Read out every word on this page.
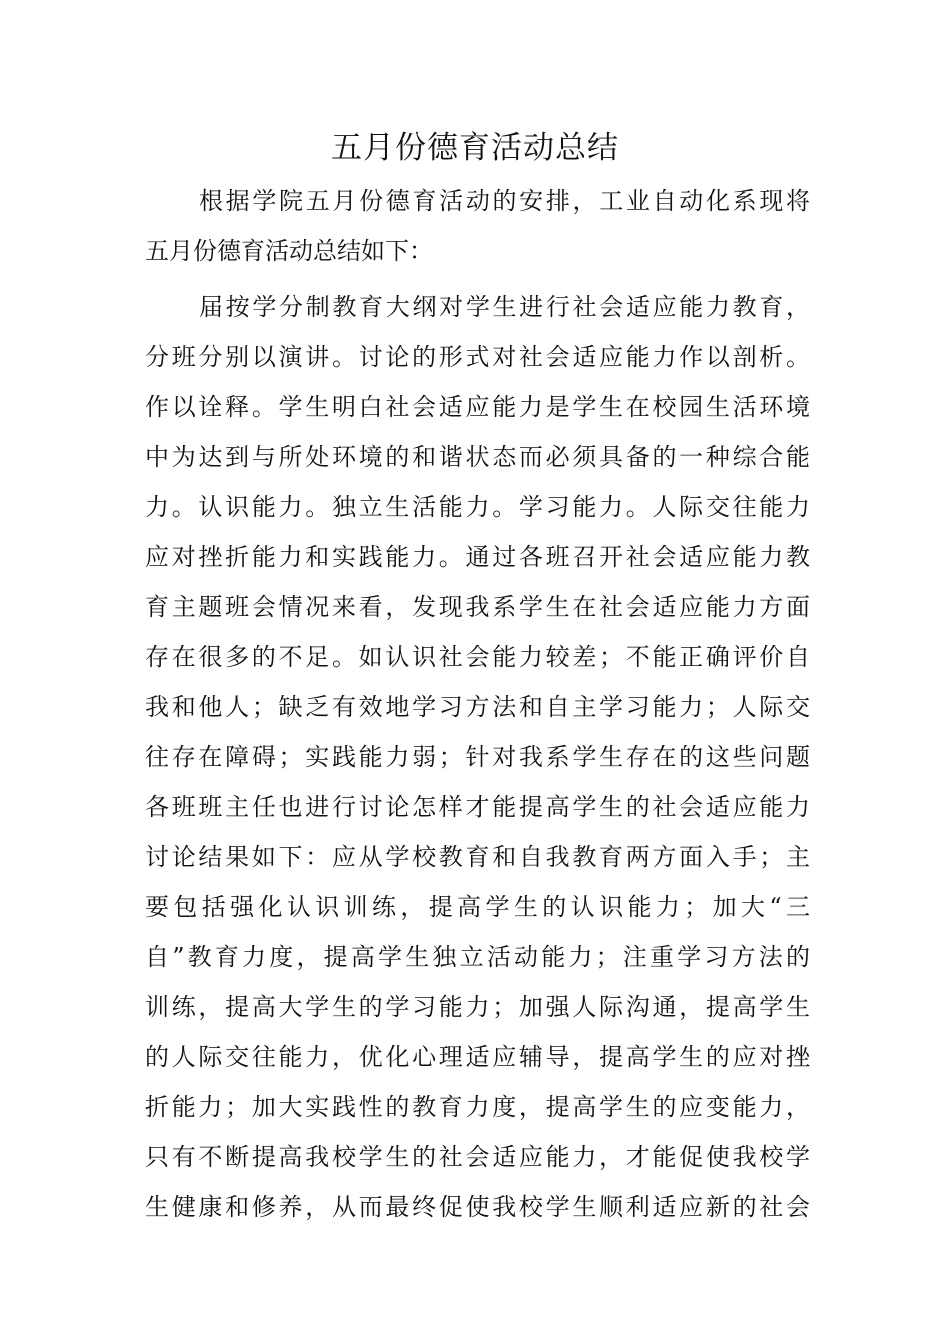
五月份德育活动总结
根据学院五月份德育活动的安排，工业自动化系现将
五月份德育活动总结如下：
届按学分制教育大纲对学生进行社会适应能力教育，
分班分别以演讲。讨论的形式对社会适应能力作以剖析。
作以诠释。学生明白社会适应能力是学生在校园生活环境
中为达到与所处环境的和谐状态而必须具备的一种综合能
力。认识能力。独立生活能力。学习能力。人际交往能力
应对挫折能力和实践能力。通过各班召开社会适应能力教
育主题班会情况来看，发现我系学生在社会适应能力方面
存在很多的不足。如认识社会能力较差；不能正确评价自
我和他人；缺乏有效地学习方法和自主学习能力；人际交
往存在障碍；实践能力弱；针对我系学生存在的这些问题
各班班主任也进行讨论怎样才能提高学生的社会适应能力
讨论结果如下：应从学校教育和自我教育两方面入手；主
要包括强化认识训练，提高学生的认识能力；加大“三
自”教育力度，提高学生独立活动能力；注重学习方法的
训练，提高大学生的学习能力；加强人际沟通，提高学生
的人际交往能力，优化心理适应辅导，提高学生的应对挫
折能力；加大实践性的教育力度，提高学生的应变能力，
只有不断提高我校学生的社会适应能力，才能促使我校学
生健康和修养，从而最终促使我校学生顺利适应新的社会
